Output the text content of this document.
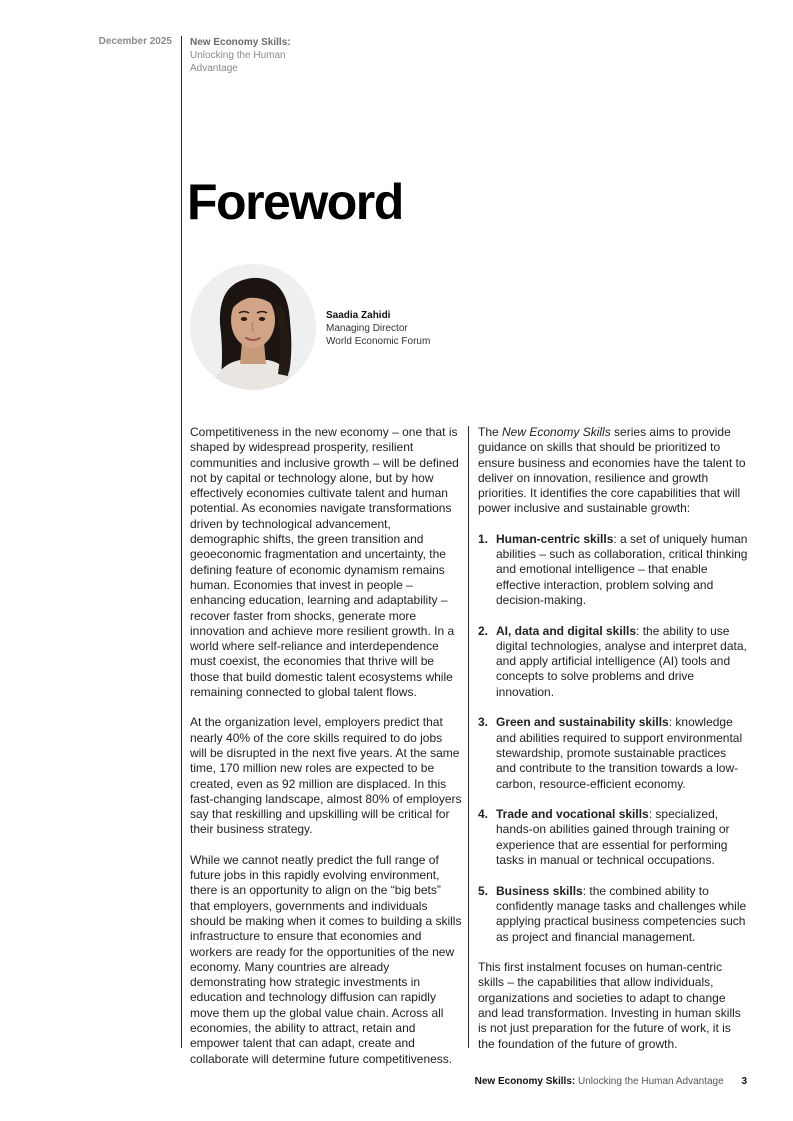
December 2025 New Economy Skills:
Unlocking the Human Advantage
Foreword
Saadia Zahidi
Managing Director
World Economic Forum

Competitiveness in the new economy – one that is shaped by widespread prosperity, resilient communities and inclusive growth – will be defined not by capital or technology alone, but by how effectively economies cultivate talent and human potential. As economies navigate transformations driven by technological advancement, demographic shifts, the green transition and geoeconomic fragmentation and uncertainty, the defining feature of economic dynamism remains human. Economies that invest in people – enhancing education, learning and adaptability – recover faster from shocks, generate more innovation and achieve more resilient growth. In a world where self-reliance and interdependence must coexist, the economies that thrive will be those that build domestic talent ecosystems while remaining connected to global talent flows.

At the organization level, employers predict that nearly 40% of the core skills required to do jobs will be disrupted in the next five years. At the same time, 170 million new roles are expected to be created, even as 92 million are displaced. In this fast-changing landscape, almost 80% of employers say that reskilling and upskilling will be critical for their business strategy.

While we cannot neatly predict the full range of future jobs in this rapidly evolving environment, there is an opportunity to align on the “big bets” that employers, governments and individuals should be making when it comes to building a skills infrastructure to ensure that economies and workers are ready for the opportunities of the new economy. Many countries are already demonstrating how strategic investments in education and technology diffusion can rapidly move them up the global value chain. Across all economies, the ability to attract, retain and empower talent that can adapt, create and collaborate will determine future competitiveness.

The New Economy Skills series aims to provide guidance on skills that should be prioritized to ensure business and economies have the talent to deliver on innovation, resilience and growth priorities. It identifies the core capabilities that will power inclusive and sustainable growth:

1. Human-centric skills: a set of uniquely human abilities – such as collaboration, critical thinking and emotional intelligence – that enable effective interaction, problem solving and decision-making.
2. AI, data and digital skills: the ability to use digital technologies, analyse and interpret data, and apply artificial intelligence (AI) tools and concepts to solve problems and drive innovation.
3. Green and sustainability skills: knowledge and abilities required to support environmental stewardship, promote sustainable practices and contribute to the transition towards a low-carbon, resource-efficient economy.
4. Trade and vocational skills: specialized, hands-on abilities gained through training or experience that are essential for performing tasks in manual or technical occupations.
5. Business skills: the combined ability to confidently manage tasks and challenges while applying practical business competencies such as project and financial management.

This first instalment focuses on human-centric skills – the capabilities that allow individuals, organizations and societies to adapt to change and lead transformation. Investing in human skills is not just preparation for the future of work, it is the foundation of the future of growth.

New Economy Skills: Unlocking the Human Advantage 3
